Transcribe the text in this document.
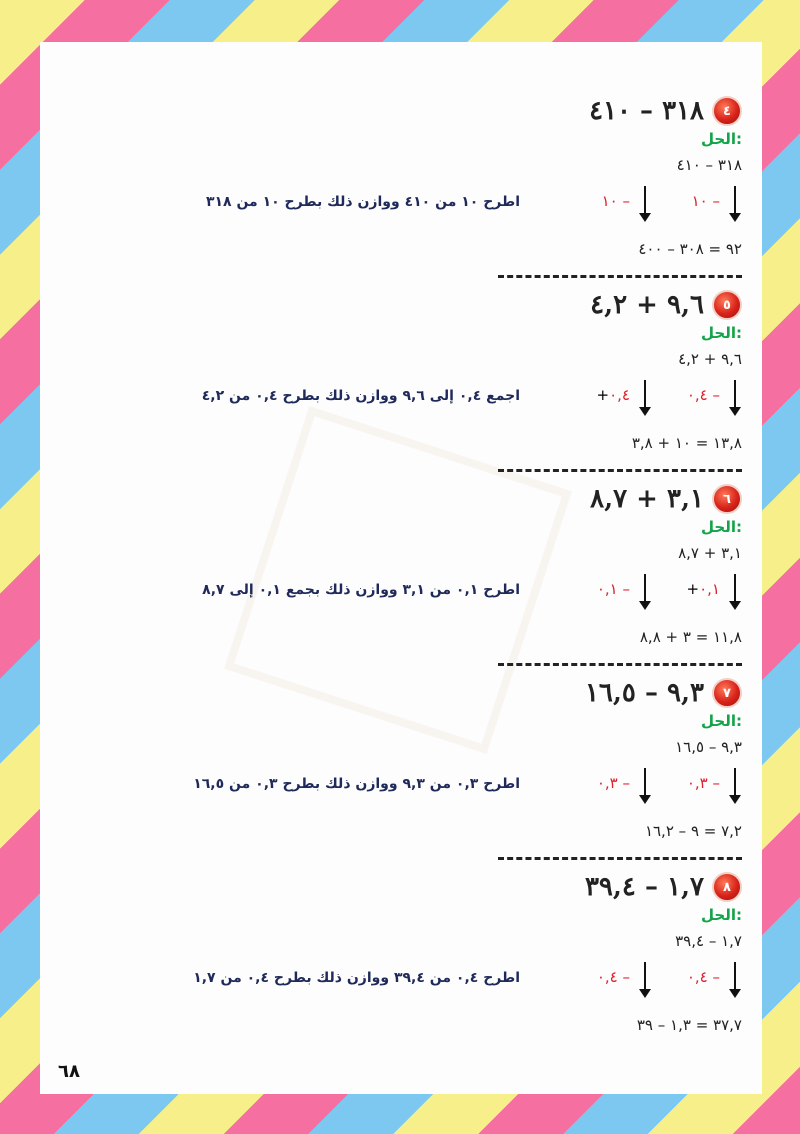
٤
٣١٨ – ٤١٠
الحل:
٣١٨ – ٤١٠
١٠ –
١٠ –
اطرح ١٠ من ٤١٠ ووازن ذلك بطرح ١٠ من ٣١٨
٩٢ = ٣٠٨ – ٤٠٠
٥
٩,٦ + ٤,٢
الحل:
٩,٦ + ٤,٢
٠,٤ –
+٠,٤
اجمع ٠,٤ إلى ٩,٦ ووازن ذلك بطرح ٠,٤ من ٤,٢
١٣,٨ = ١٠ + ٣,٨
٦
٣,١ + ٨,٧
الحل:
٣,١ + ٨,٧
+٠,١
٠,١ –
اطرح ٠,١ من ٣,١ ووازن ذلك بجمع ٠,١ إلى ٨,٧
١١,٨ = ٣ + ٨,٨
٧
٩,٣ – ١٦,٥
الحل:
٩,٣ – ١٦,٥
٠,٣ –
٠,٣ –
اطرح ٠,٣ من ٩,٣ ووازن ذلك بطرح ٠,٣ من ١٦,٥
٧,٢ = ٩ – ١٦,٢
٨
١,٧ – ٣٩,٤
الحل:
١,٧ – ٣٩,٤
٠,٤ –
٠,٤ –
اطرح ٠,٤ من ٣٩,٤ ووازن ذلك بطرح ٠,٤ من ١,٧
٣٧,٧ = ١,٣ – ٣٩
٦٨
